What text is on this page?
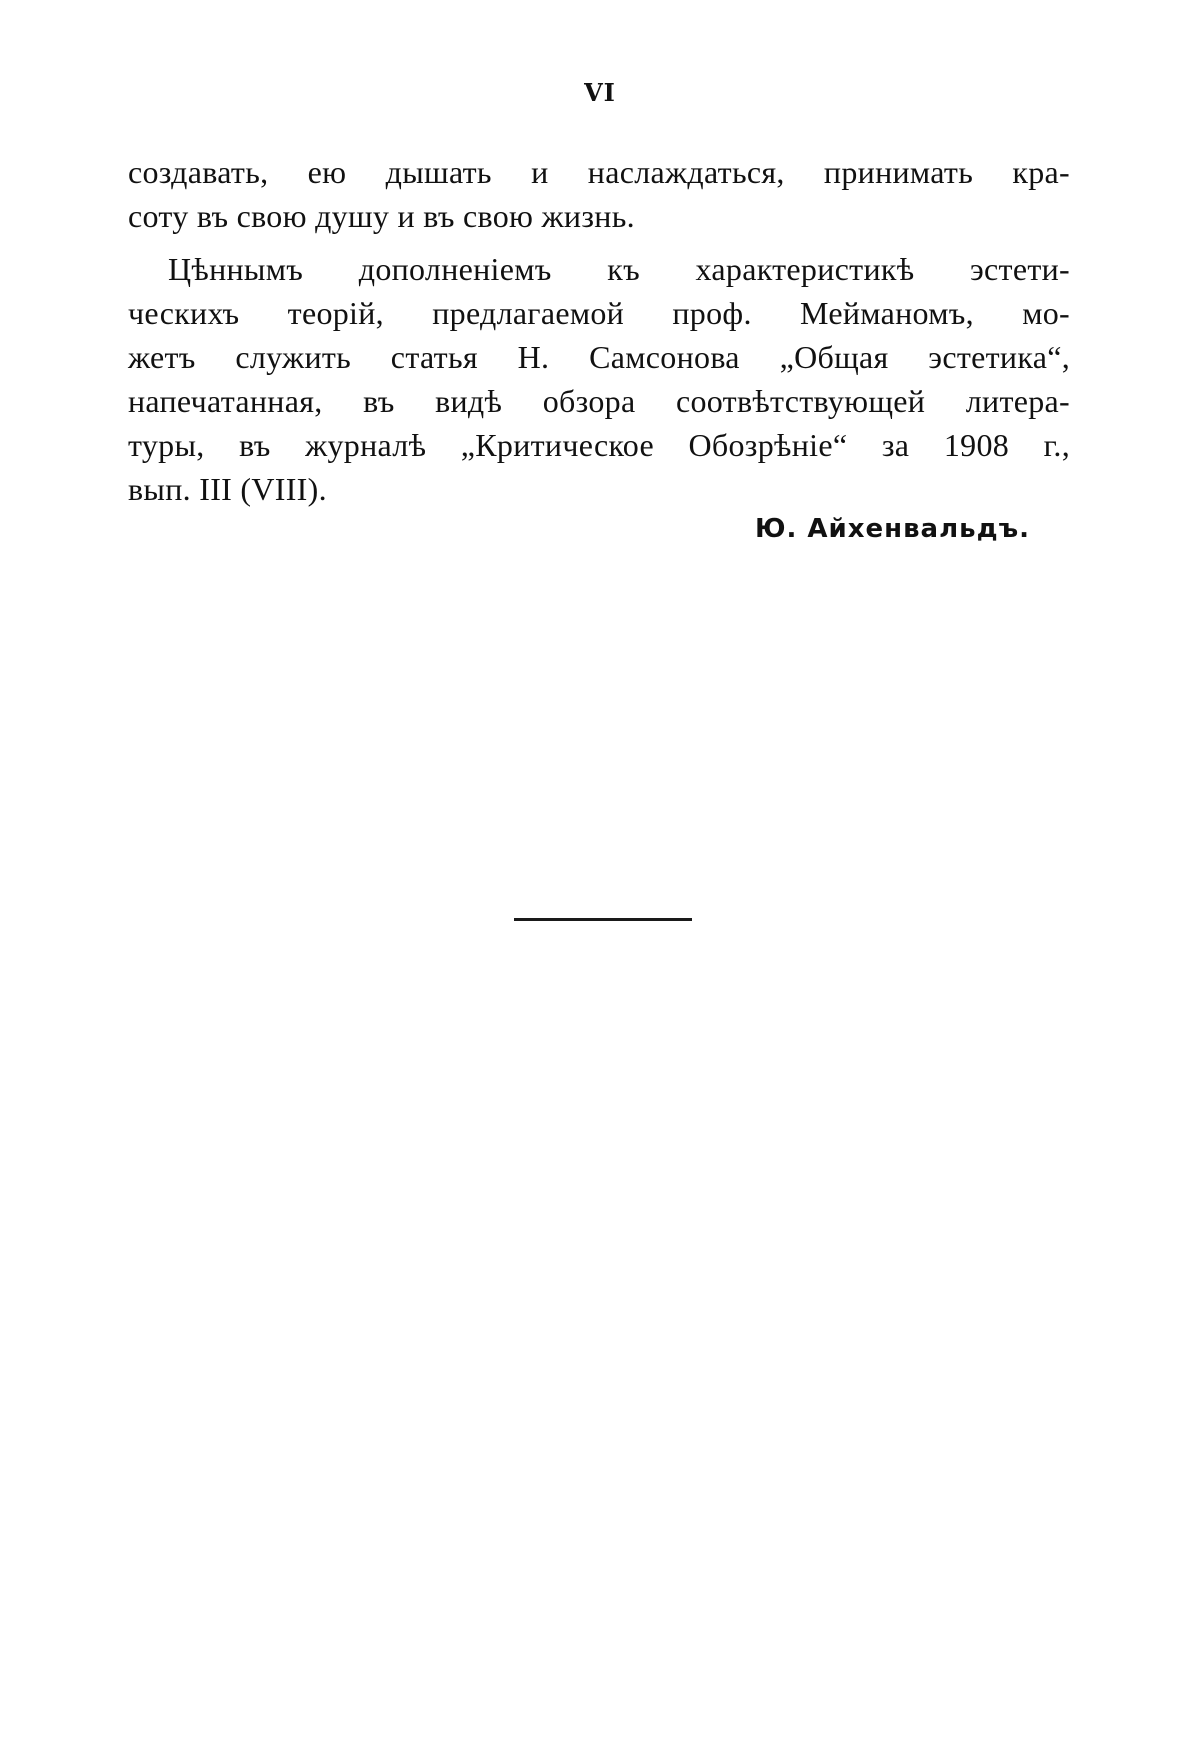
VI
создавать, ею дышать и наслаждаться, принимать кра-
соту въ свою душу и въ свою жизнь.
Цѣннымъ дополненіемъ къ характеристикѣ эстети-
ческихъ теорій, предлагаемой проф. Мейманомъ, мо-
жетъ служить статья Н. Самсонова „Общая эстетика“,
напечатанная, въ видѣ обзора соотвѣтствующей литера-
туры, въ журналѣ „Критическое Обозрѣніе“ за 1908 г.,
вып. III (VIII).
Ю. Айхенвальдъ.
